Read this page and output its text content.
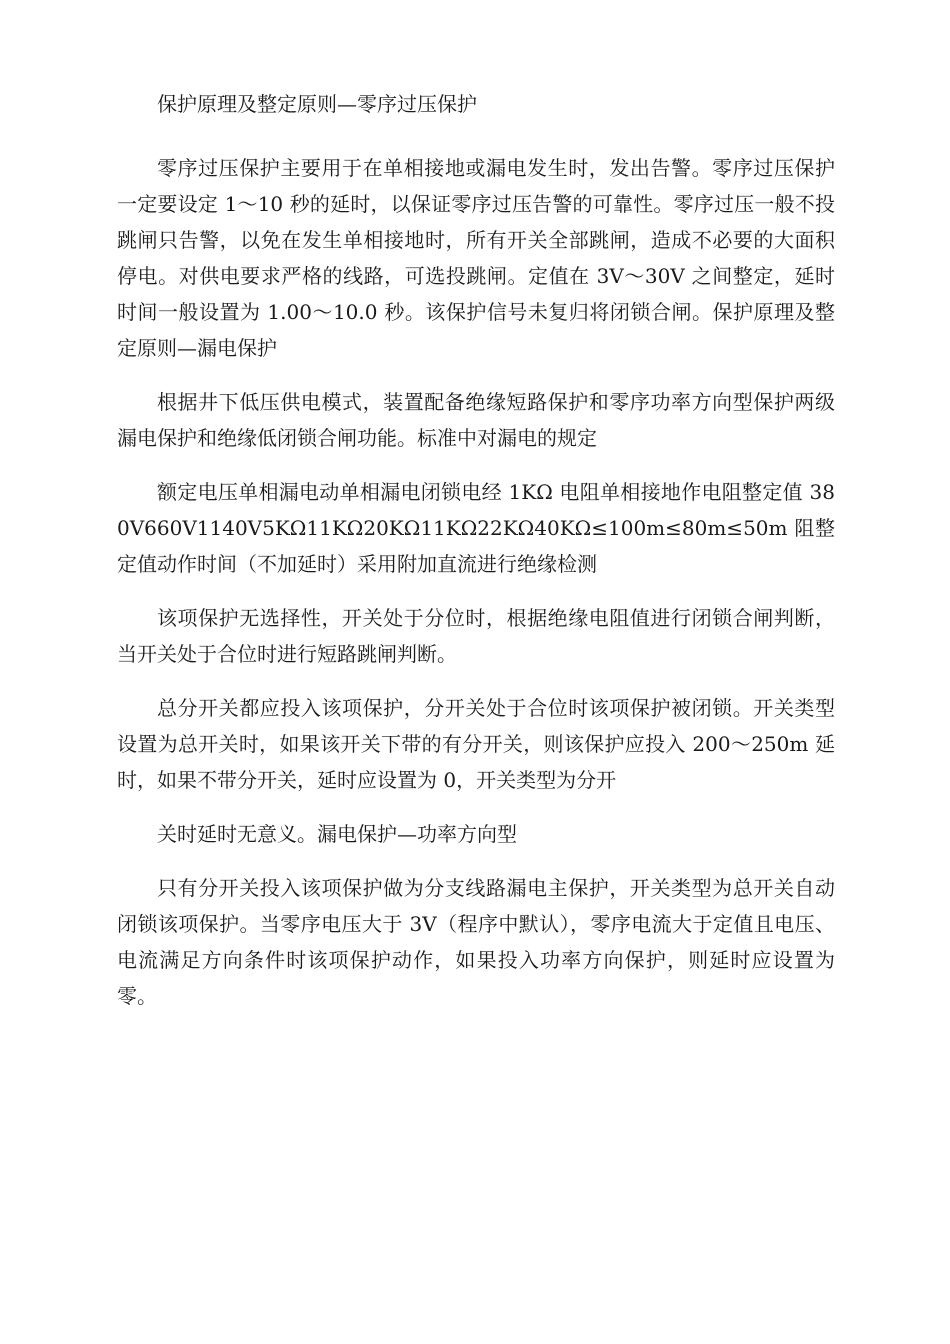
保护原理及整定原则—零序过压保护

零序过压保护主要用于在单相接地或漏电发生时，发出告警。零序过压保护一定要设定 1～10 秒的延时，以保证零序过压告警的可靠性。零序过压一般不投跳闸只告警，以免在发生单相接地时，所有开关全部跳闸，造成不必要的大面积停电。对供电要求严格的线路，可选投跳闸。定值在 3V～30V 之间整定，延时时间一般设置为 1.00～10.0 秒。该保护信号未复归将闭锁合闸。保护原理及整定原则—漏电保护

根据井下低压供电模式，装置配备绝缘短路保护和零序功率方向型保护两级漏电保护和绝缘低闭锁合闸功能。标准中对漏电的规定

额定电压单相漏电动单相漏电闭锁电经 1KΩ 电阻单相接地作电阻整定值 380V660V1140V5KΩ11KΩ20KΩ11KΩ22KΩ40KΩ≤100m≤80m≤50m 阻整定值动作时间（不加延时）采用附加直流进行绝缘检测

该项保护无选择性，开关处于分位时，根据绝缘电阻值进行闭锁合闸判断，当开关处于合位时进行短路跳闸判断。

总分开关都应投入该项保护，分开关处于合位时该项保护被闭锁。开关类型设置为总开关时，如果该开关下带的有分开关，则该保护应投入 200～250m 延时，如果不带分开关，延时应设置为 0，开关类型为分开

关时延时无意义。漏电保护—功率方向型

只有分开关投入该项保护做为分支线路漏电主保护，开关类型为总开关自动闭锁该项保护。当零序电压大于 3V（程序中默认），零序电流大于定值且电压、电流满足方向条件时该项保护动作，如果投入功率方向保护，则延时应设置为零。
